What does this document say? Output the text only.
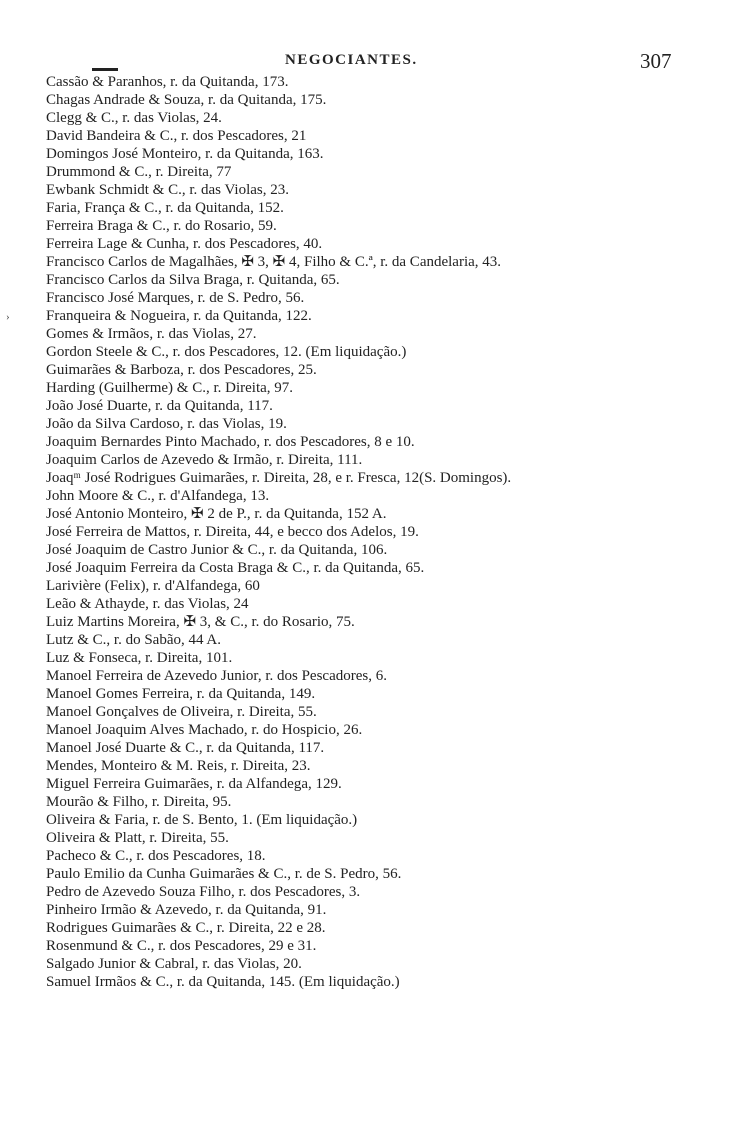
NEGOCIANTES.	307
Cassão & Paranhos, r. da Quitanda, 173.
Chagas Andrade & Souza, r. da Quitanda, 175.
Clegg & C., r. das Violas, 24.
David Bandeira & C., r. dos Pescadores, 21
Domingos José Monteiro, r. da Quitanda, 163.
Drummond & C., r. Direita, 77
Ewbank Schmidt & C., r. das Violas, 23.
Faria, França & C., r. da Quitanda, 152.
Ferreira Braga & C., r. do Rosario, 59.
Ferreira Lage & Cunha, r. dos Pescadores, 40.
Francisco Carlos de Magalhães, ✠ 3, ✠ 4, Filho & C.ª, r. da Candelaria, 43.
Francisco Carlos da Silva Braga, r. Quitanda, 65.
Francisco José Marques, r. de S. Pedro, 56.
Franqueira & Nogueira, r. da Quitanda, 122.
Gomes & Irmãos, r. das Violas, 27.
Gordon Steele & C., r. dos Pescadores, 12. (Em liquidação.)
Guimarães & Barboza, r. dos Pescadores, 25.
Harding (Guilherme) & C., r. Direita, 97.
João José Duarte, r. da Quitanda, 117.
João da Silva Cardoso, r. das Violas, 19.
Joaquim Bernardes Pinto Machado, r. dos Pescadores, 8 e 10.
Joaquim Carlos de Azevedo & Irmão, r. Direita, 111.
Joaqᵐ José Rodrigues Guimarães, r. Direita, 28, e r. Fresca, 12(S. Domingos).
John Moore & C., r. d'Alfandega, 13.
José Antonio Monteiro, ✠ 2 de P., r. da Quitanda, 152 A.
José Ferreira de Mattos, r. Direita, 44, e becco dos Adelos, 19.
José Joaquim de Castro Junior & C., r. da Quitanda, 106.
José Joaquim Ferreira da Costa Braga & C., r. da Quitanda, 65.
Larivière (Felix), r. d'Alfandega, 60
Leão & Athayde, r. das Violas, 24
Luiz Martins Moreira, ✠ 3, & C., r. do Rosario, 75.
Lutz & C., r. do Sabão, 44 A.
Luz & Fonseca, r. Direita, 101.
Manoel Ferreira de Azevedo Junior, r. dos Pescadores, 6.
Manoel Gomes Ferreira, r. da Quitanda, 149.
Manoel Gonçalves de Oliveira, r. Direita, 55.
Manoel Joaquim Alves Machado, r. do Hospicio, 26.
Manoel José Duarte & C., r. da Quitanda, 117.
Mendes, Monteiro & M. Reis, r. Direita, 23.
Miguel Ferreira Guimarães, r. da Alfandega, 129.
Mourão & Filho, r. Direita, 95.
Oliveira & Faria, r. de S. Bento, 1. (Em liquidação.)
Oliveira & Platt, r. Direita, 55.
Pacheco & C., r. dos Pescadores, 18.
Paulo Emilio da Cunha Guimarães & C., r. de S. Pedro, 56.
Pedro de Azevedo Souza Filho, r. dos Pescadores, 3.
Pinheiro Irmão & Azevedo, r. da Quitanda, 91.
Rodrigues Guimarães & C., r. Direita, 22 e 28.
Rosenmund & C., r. dos Pescadores, 29 e 31.
Salgado Junior & Cabral, r. das Violas, 20.
Samuel Irmãos & C., r. da Quitanda, 145. (Em liquidação.)
›
